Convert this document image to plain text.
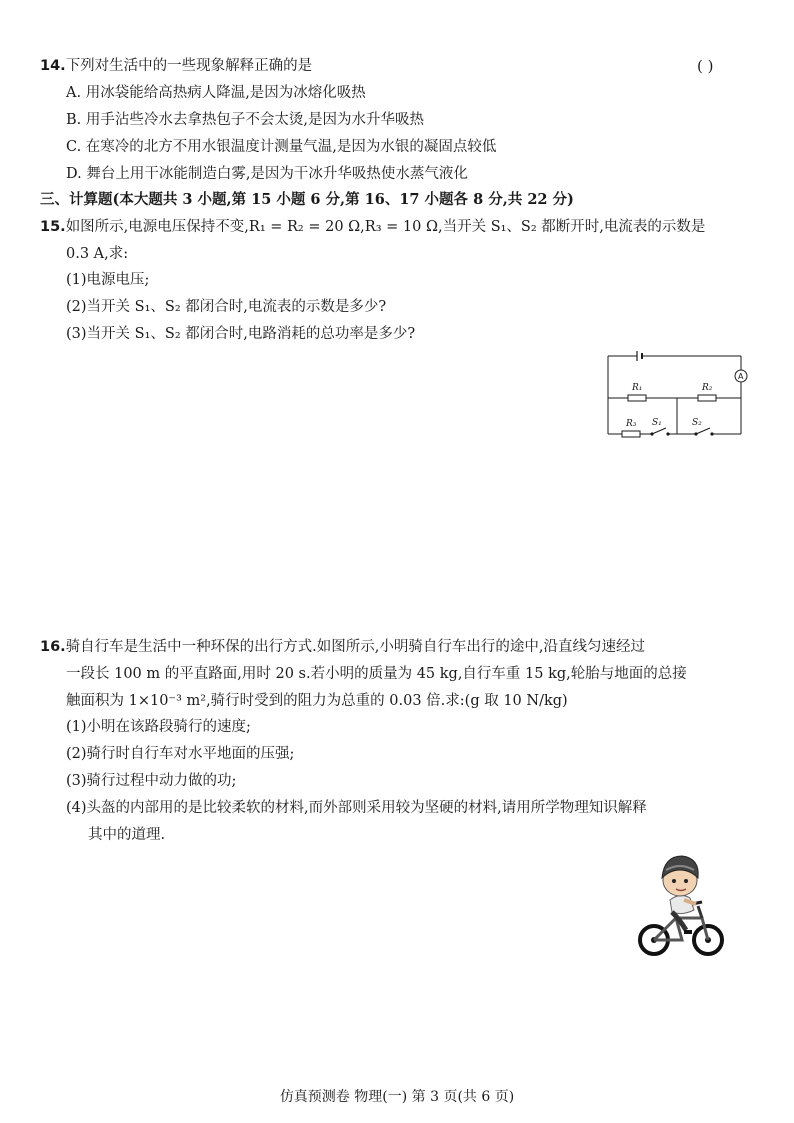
14.下列对生活中的一些现象解释正确的是	( )
A. 用冰袋能给高热病人降温,是因为冰熔化吸热
B. 用手沾些冷水去拿热包子不会太烫,是因为水升华吸热
C. 在寒冷的北方不用水银温度计测量气温,是因为水银的凝固点较低
D. 舞台上用干冰能制造白雾,是因为干冰升华吸热使水蒸气液化
三、计算题(本大题共 3 小题,第 15 小题 6 分,第 16、17 小题各 8 分,共 22 分)
15.如图所示,电源电压保持不变,R₁ = R₂ = 20 Ω,R₃ = 10 Ω,当开关 S₁、S₂ 都断开时,电流表的示数是
0.3 A,求:
(1)电源电压;
(2)当开关 S₁、S₂ 都闭合时,电流表的示数是多少?
(3)当开关 S₁、S₂ 都闭合时,电路消耗的总功率是多少?
R₁	R₂
R₃ S₁	S₂
A
16.骑自行车是生活中一种环保的出行方式.如图所示,小明骑自行车出行的途中,沿直线匀速经过
一段长 100 m 的平直路面,用时 20 s.若小明的质量为 45 kg,自行车重 15 kg,轮胎与地面的总接
触面积为 1×10⁻³ m²,骑行时受到的阻力为总重的 0.03 倍.求:(g 取 10 N/kg)
(1)小明在该路段骑行的速度;
(2)骑行时自行车对水平地面的压强;
(3)骑行过程中动力做的功;
(4)头盔的内部用的是比较柔软的材料,而外部则采用较为坚硬的材料,请用所学物理知识解释
其中的道理.
仿真预测卷 物理(一) 第 3 页(共 6 页)
